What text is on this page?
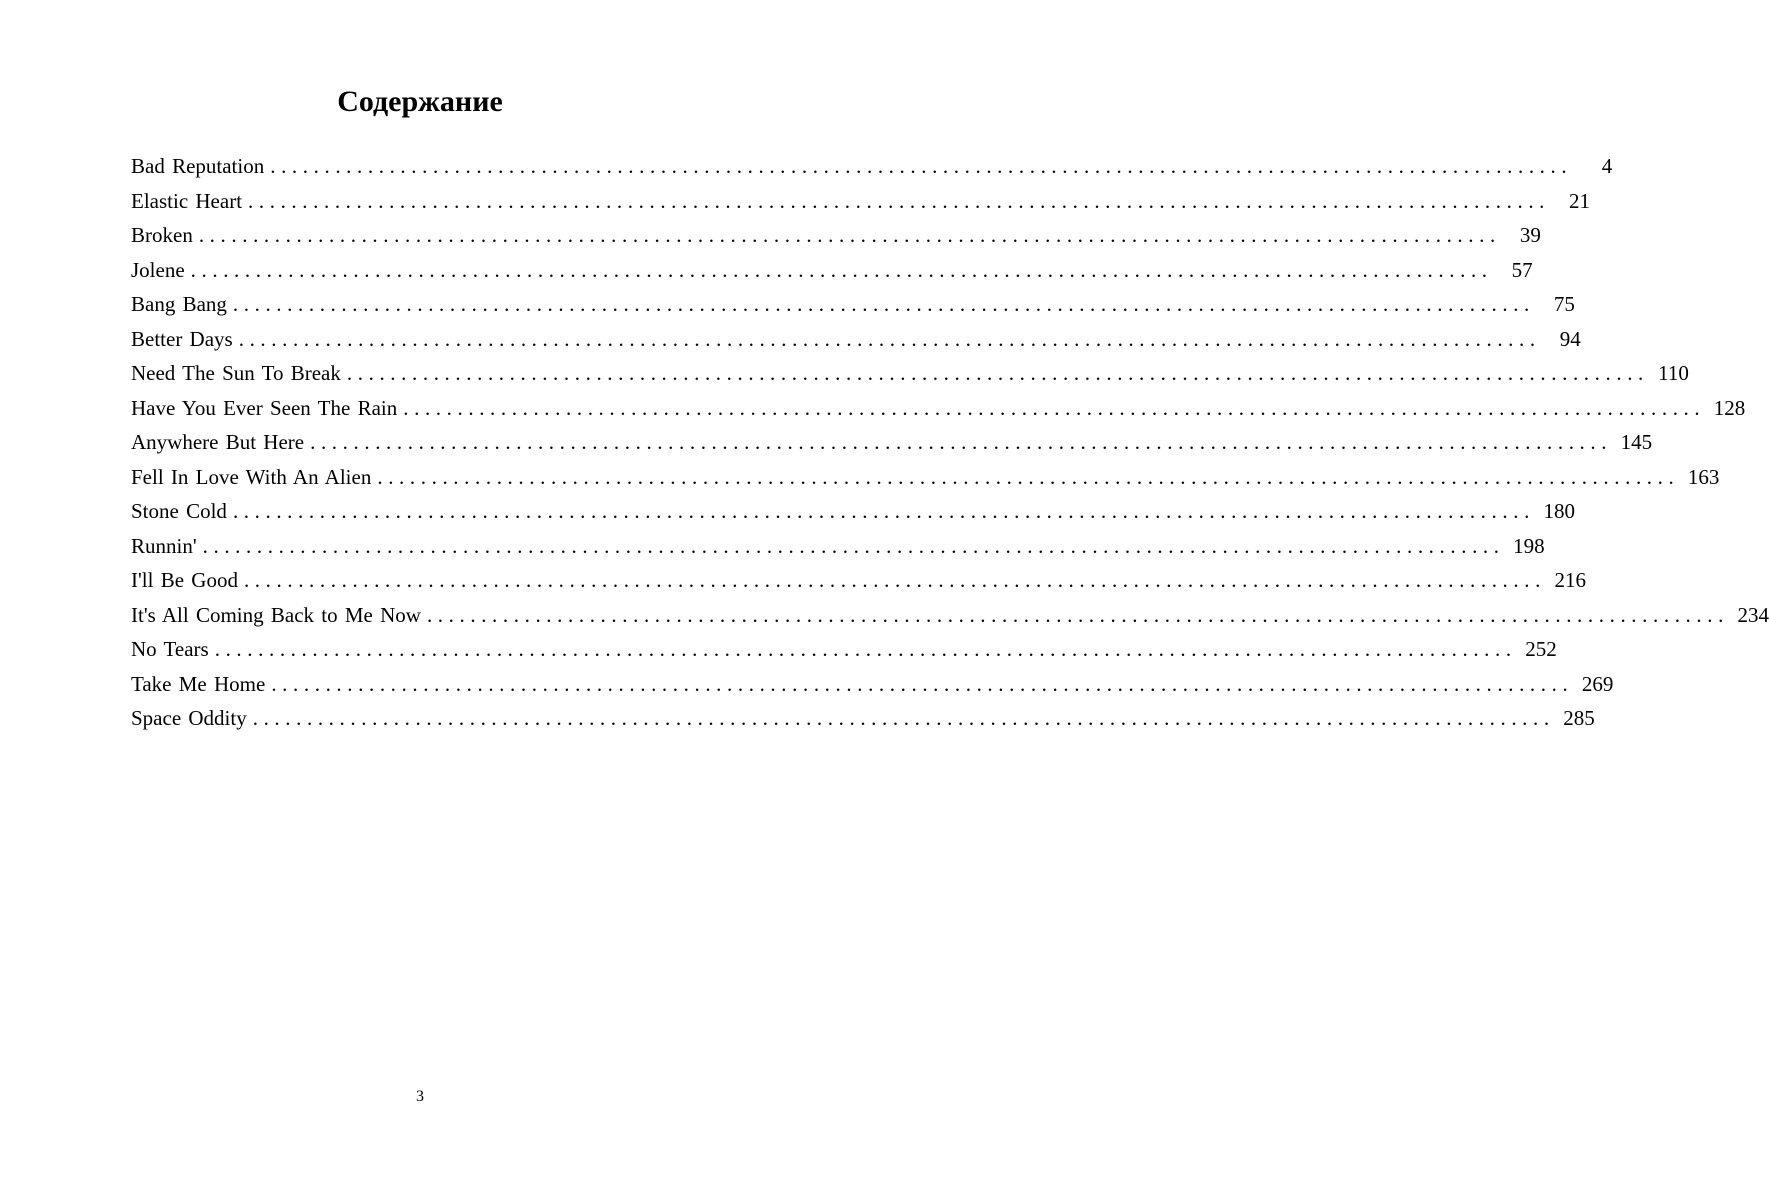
Содержание
Bad Reputation ........................................................................................................................	4
Elastic Heart ........................................................................................................................ 21
Broken ........................................................................................................................ 39
Jolene ........................................................................................................................ 57
Bang Bang ........................................................................................................................ 75
Better Days ........................................................................................................................ 94
Need The Sun To Break ........................................................................................................................ 110
Have You Ever Seen The Rain ........................................................................................................................ 128
Anywhere But Here ........................................................................................................................ 145
Fell In Love With An Alien ........................................................................................................................ 163
Stone Cold ........................................................................................................................ 180
Runnin' ........................................................................................................................ 198
I'll Be Good ........................................................................................................................ 216
It's All Coming Back to Me Now ........................................................................................................................ 234
No Tears ........................................................................................................................ 252
Take Me Home ........................................................................................................................ 269
Space Oddity ........................................................................................................................ 285
3
